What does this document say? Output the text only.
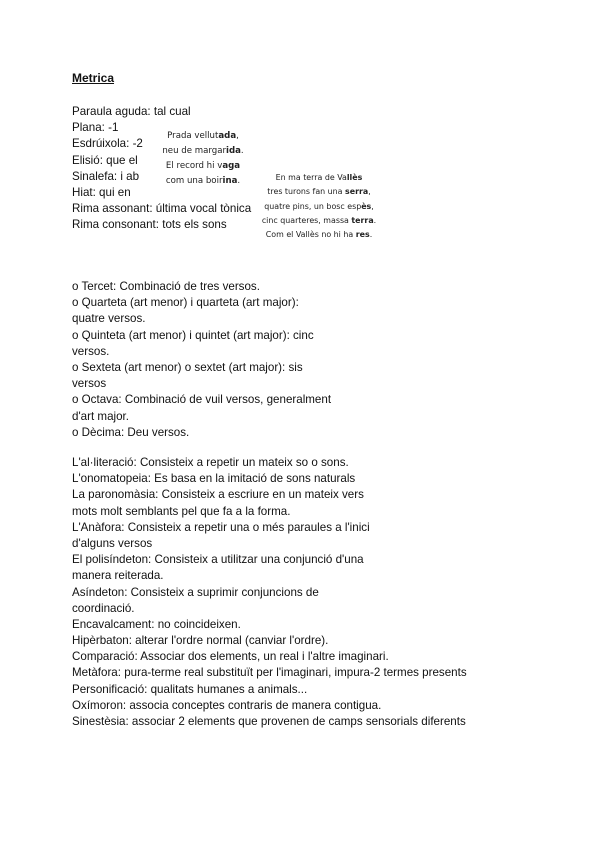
Metrica
Paraula aguda: tal cual
Plana: -1
Esdrúixola: -2
Elisió: que el
Sinalefa: i ab
Hiat: qui en
Rima assonant: última vocal tònica
Rima consonant: tots els sons
Prada vellutada,
neu de margarida.
El record hi vaga
com una boirina.	En ma terra de Vallès
tres turons fan una serra,
quatre pins, un bosc espès,
cinc quarteres, massa terra.
Com el Vallès no hi ha res.
o Tercet: Combinació de tres versos.
o Quarteta (art menor) i quarteta (art major):
quatre versos.
o Quinteta (art menor) i quintet (art major): cinc
versos.
o Sexteta (art menor) o sextet (art major): sis
versos
o Octava: Combinació de vuil versos, generalment
d'art major.
o Dècima: Deu versos.
L'al·literació: Consisteix a repetir un mateix so o sons.
L'onomatopeia: Es basa en la imitació de sons naturals
La paronomàsia: Consisteix a escriure en un mateix vers
mots molt semblants pel que fa a la forma.
L'Anàfora: Consisteix a repetir una o més paraules a l'inici
d'alguns versos
El polisíndeton: Consisteix a utilitzar una conjunció d'una
manera reiterada.
Asíndeton: Consisteix a suprimir conjuncions de
coordinació.
Encavalcament: no coincideixen.
Hipèrbaton: alterar l'ordre normal (canviar l'ordre).
Comparació: Associar dos elements, un real i l'altre imaginari.
Metàfora: pura-terme real substituït per l'imaginari, impura-2 termes presents
Personificació: qualitats humanes a animals...
Oxímoron: associa conceptes contraris de manera contigua.
Sinestèsia: associar 2 elements que provenen de camps sensorials diferents
